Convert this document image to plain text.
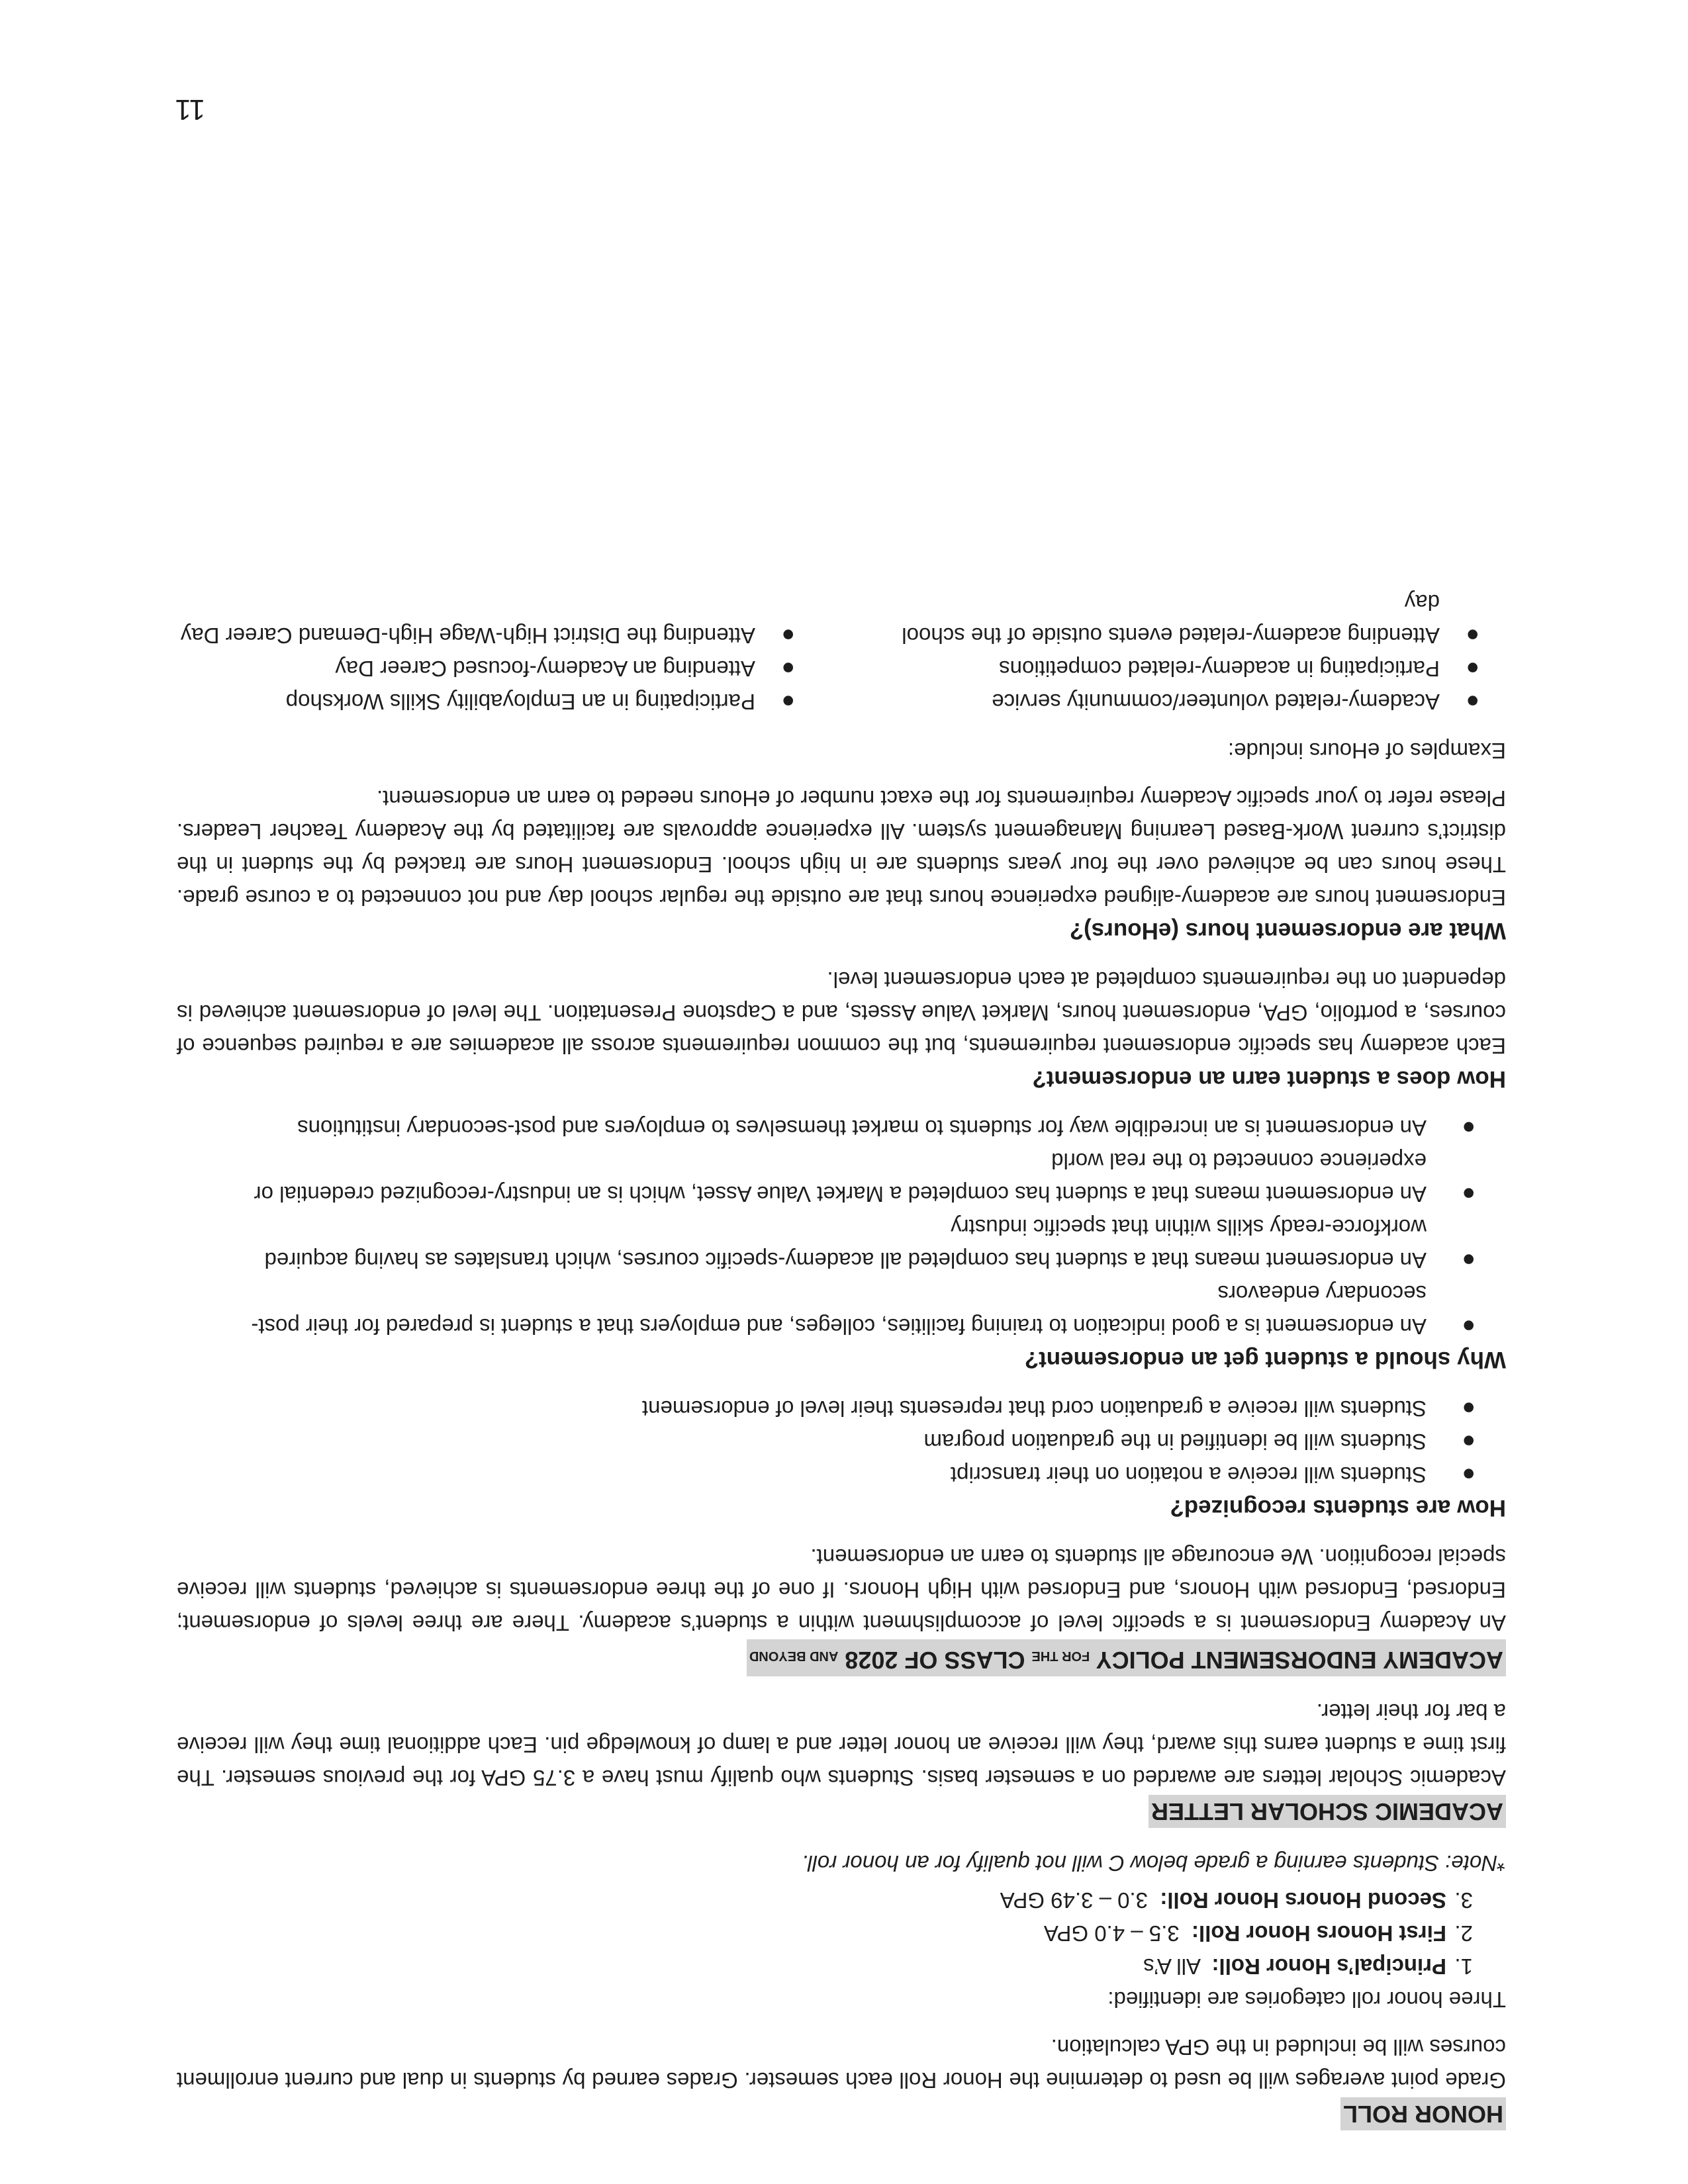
HONOR ROLL

Grade point averages will be used to determine the Honor Roll each semester. Grades earned by students in dual and current enrollment courses will be included in the GPA calculation.

Three honor roll categories are identified:

1.
Principal’s Honor Roll:  All A’s
2.
First Honors Honor Roll:  3.5 – 4.0 GPA
3.
Second Honors Honor Roll:  3.0 – 3.49 GPA

*Note: Students earning a grade below C will not qualify for an honor roll.

ACADEMIC SCHOLAR LETTER

Academic Scholar letters are awarded on a semester basis. Students who qualify must have a 3.75 GPA for the previous semester. The first time a student earns this award, they will receive an honor letter and a lamp of knowledge pin. Each additional time they will receive a bar for their letter.

ACADEMY ENDORSEMENT POLICY FOR THE CLASS OF 2028 AND BEYOND

An Academy Endorsement is a specific level of accomplishment within a student’s academy. There are three levels of endorsement; Endorsed, Endorsed with Honors, and Endorsed with High Honors. If one of the three endorsements is achieved, students will receive special recognition. We encourage all students to earn an endorsement.

How are students recognized?

●
Students will receive a notation on their transcript
●
Students will be identified in the graduation program
●
Students will receive a graduation cord that represents their level of endorsement

Why should a student get an endorsement?

●
An endorsement is a good indication to training facilities, colleges, and employers that a student is prepared for their post-secondary endeavors
●
An endorsement means that a student has completed all academy-specific courses, which translates as having acquired workforce-ready skills within that specific industry
●
An endorsement means that a student has completed a Market Value Asset, which is an industry-recognized credential or experience connected to the real world
●
An endorsement is an incredible way for students to market themselves to employers and post-secondary institutions

How does a student earn an endorsement?

Each academy has specific endorsement requirements, but the common requirements across all academies are a required sequence of courses, a portfolio, GPA, endorsement hours, Market Value Assets, and a Capstone Presentation. The level of endorsement achieved is dependent on the requirements completed at each endorsement level.

What are endorsement hours (eHours)?

Endorsement hours are academy-aligned experience hours that are outside the regular school day and not connected to a course grade. These hours can be achieved over the four years students are in high school. Endorsement Hours are tracked by the student in the district’s current Work-Based Learning Management system. All experience approvals are facilitated by the Academy Teacher Leaders. Please refer to your specific Academy requirements for the exact number of eHours needed to earn an endorsement.

Examples of eHours include:

●
Academy-related volunteer/community service
●
Participating in academy-related competitions
●
Attending academy-related events outside of the school day
●
Participating in an Employability Skills Workshop
●
Attending an Academy-focused Career Day
●
Attending the District High-Wage High-Demand Career Day
11
